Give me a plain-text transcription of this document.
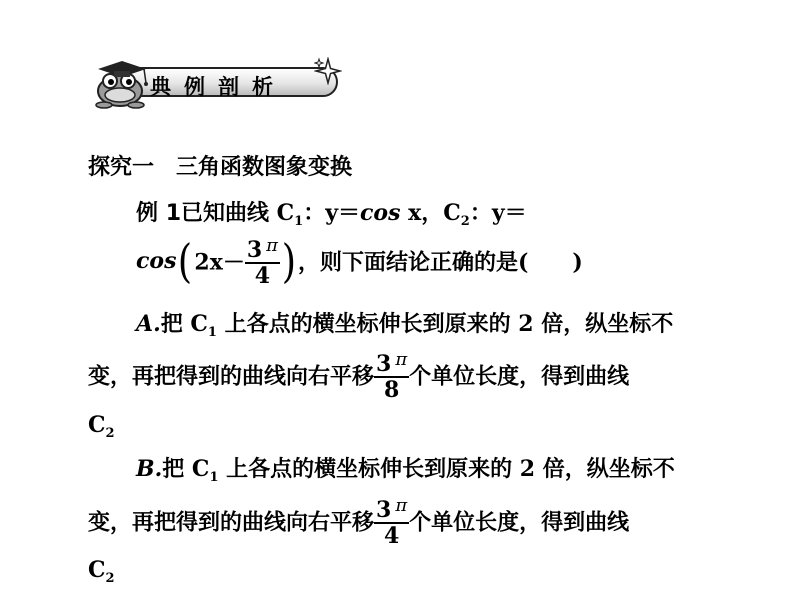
典例剖析
探究一　三角函数图象变换
例 1已知曲线 $C_1$：y＝cos x，$C_2$：y＝
$\cos(2x- \frac{3 ^\pi}{4}$ )，则下面结论正确的是(　　)
A.把 $C_1$ 上各点的横坐标伸长到原来的 2 倍，纵坐标不
变，再把得到的曲线向右平移 $\frac{3 ^\pi}{8}$ 个单位长度，得到曲线
$C_2$
B.把 $C_1$ 上各点的横坐标伸长到原来的 2 倍，纵坐标不
变，再把得到的曲线向右平移 $\frac{3 ^\pi}{4}$ 个单位长度，得到曲线
$C_2$
